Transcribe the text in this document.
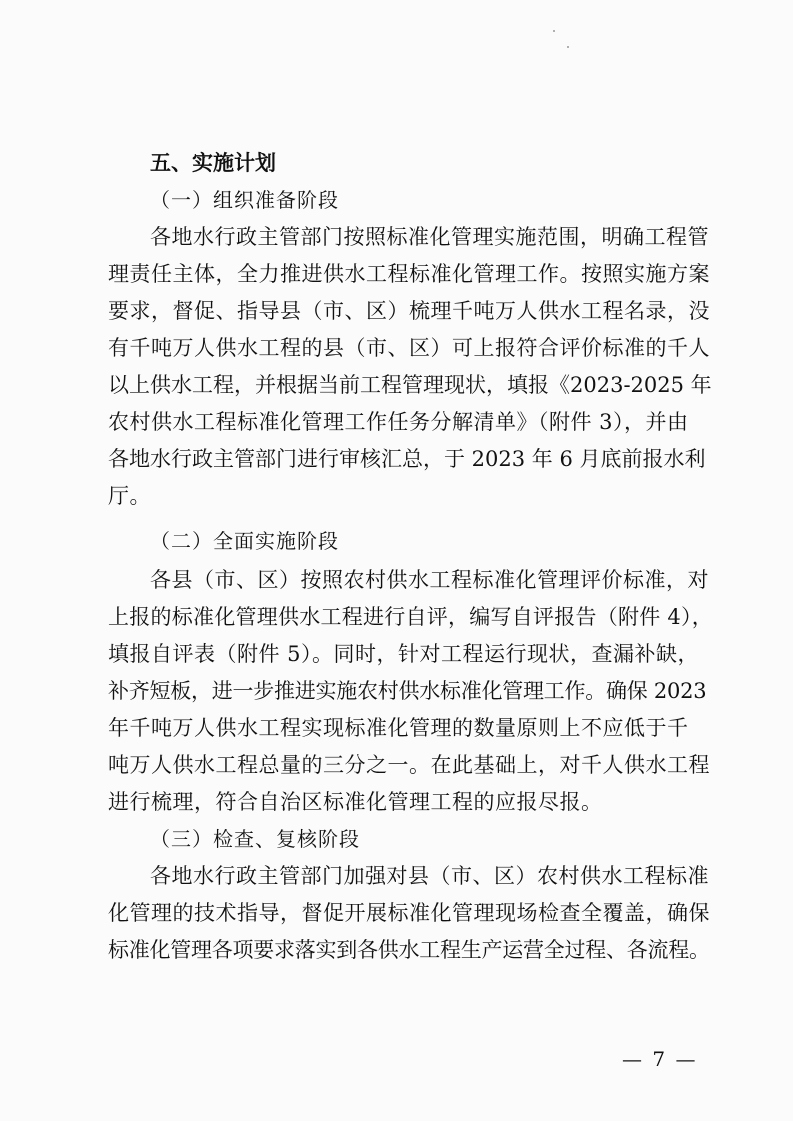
五、实施计划
（一）组织准备阶段
各地水行政主管部门按照标准化管理实施范围，明确工程管
理责任主体，全力推进供水工程标准化管理工作。按照实施方案
要求，督促、指导县（市、区）梳理千吨万人供水工程名录，没
有千吨万人供水工程的县（市、区）可上报符合评价标准的千人
以上供水工程，并根据当前工程管理现状，填报《2023-2025 年
农村供水工程标准化管理工作任务分解清单》（附件 3），并由
各地水行政主管部门进行审核汇总，于 2023 年 6 月底前报水利
厅。
（二）全面实施阶段
各县（市、区）按照农村供水工程标准化管理评价标准，对
上报的标准化管理供水工程进行自评，编写自评报告（附件 4），
填报自评表（附件 5）。同时，针对工程运行现状，查漏补缺，
补齐短板，进一步推进实施农村供水标准化管理工作。确保 2023
年千吨万人供水工程实现标准化管理的数量原则上不应低于千
吨万人供水工程总量的三分之一。在此基础上，对千人供水工程
进行梳理，符合自治区标准化管理工程的应报尽报。
（三）检查、复核阶段
各地水行政主管部门加强对县（市、区）农村供水工程标准
化管理的技术指导，督促开展标准化管理现场检查全覆盖，确保
标准化管理各项要求落实到各供水工程生产运营全过程、各流程。
— 7 —
